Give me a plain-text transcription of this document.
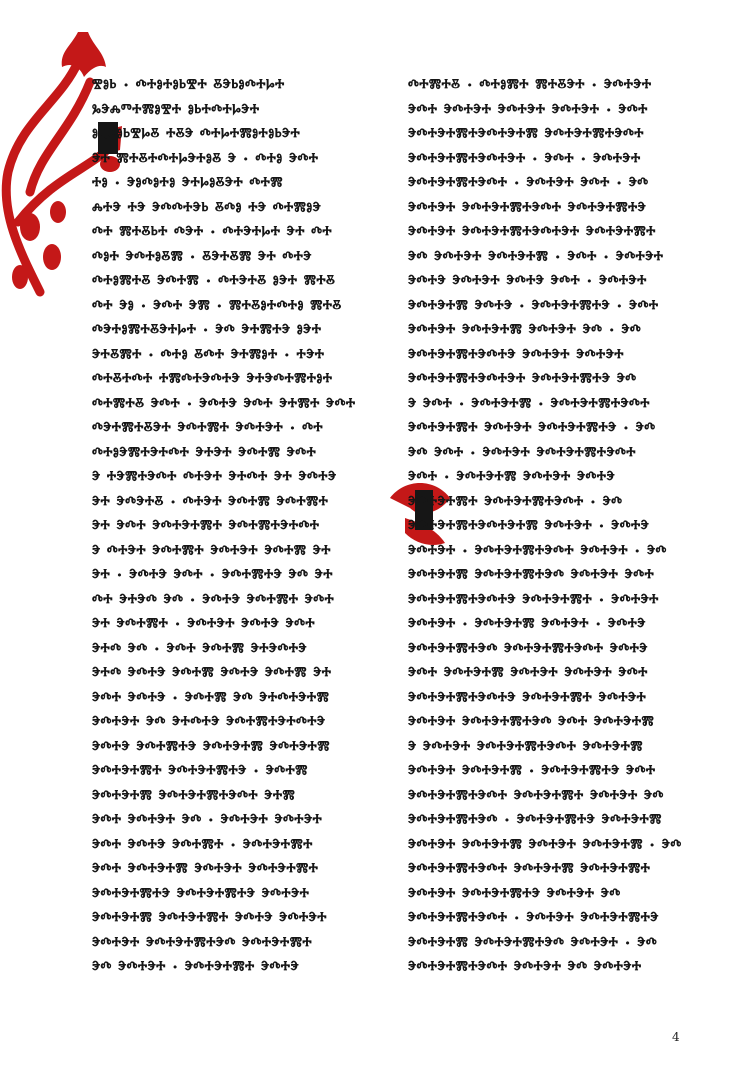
ⰺⱁⱃ · ⰴⰰⱁⰰⱁⱃⰺⰰ ⰻⰵⱃⱁⰴⰰⱈⰰ
ⰳⰵⰾⱅⰰⰿⱁⰺⰰ ⱁⱃⰰⰴⰰⱈⰵⰰ
ⱁⰱⰵⱁⱃⰺⱈⰻ ⰰⰻⰵ ⰴⰰⱈⰰⰿⱁⰰⱁⱃⰵⰰ
ⰵⰰ ⰿⰰⰻⰰⰴⰰⱈⰵⰰⱁⰻ ⰵ · ⰴⰰⱁ ⰵⰴⰰ
ⰰⱁ · ⰵⱁⰴⱁⰰⱁ ⰵⰰⱈⱁⰻⰵⰰ ⰴⰰⰿ
ⰾⰰⰵ ⰰⰵ ⰵⰴⰴⰰⰵⱃ ⰻⰴⱁ ⰰⰵ ⰴⰰⰿⱁⰵ
ⰴⰰ ⰿⰰⰻⱃⰰ ⰴⰵⰰ · ⰴⰰⰵⰰⱈⰰ ⰵⰰ ⰴⰰ
ⰴⱁⰰ ⰵⰴⰰⱁⰻⰿ · ⰻⰵⰰⰻⰿ ⰵⰰ ⰴⰰⰵ
ⰴⰰⱁⰿⰰⰻ ⰵⰴⰰⰿ · ⰴⰰⰵⰰⰻ ⱁⰵⰰ ⰿⰰⰻ
ⰴⰰ ⰵⱁ · ⰵⰴⰰ ⰵⰿ · ⰿⰰⰻⱁⰰⰴⰰⱁ ⰿⰰⰻ
ⰴⰵⰰⱁⰿⰰⰻⰵⰰⱈⰰ · ⰵⰴ ⰵⰰⰿⰰⰵ ⱁⰵⰰ
ⰵⰰⰻⰿⰰ · ⰴⰰⱁ ⰻⰴⰰ ⰵⰰⰿⱁⰰ · ⰰⰵⰰ
ⰴⰰⰻⰰⰴⰰ ⰰⰿⰴⰰⰵⰴⰰⰵ ⰵⰰⰵⰴⰰⰿⰰⱁⰰ
ⰴⰰⰿⰰⰻ ⰵⰴⰰ · ⰵⰴⰰⰵ ⰵⰴⰰ ⰵⰰⰿⰰ ⰵⰴⰰ
ⰴⰵⰰⰿⰰⰻⰵⰰ ⰵⰴⰰⰿⰰ ⰵⰴⰰⰵⰰ · ⰴⰰ
ⰴⰰⱁⰵⰿⰰⰵⰰⰴⰰ ⰵⰰⰵⰰ ⰵⰴⰰⰿ ⰵⰴⰰ
ⰵ ⰰⰵⰿⰰⰵⰴⰰ ⰴⰰⰵⰰ ⰵⰰⰴⰰ ⰵⰰ ⰵⰴⰰⰵ
ⰵⰰ ⰵⰴⰵⰰⰻ · ⰴⰰⰵⰰ ⰵⰴⰰⰿ ⰵⰴⰰⰿⰰ
ⰵⰰ ⰵⰴⰰ ⰵⰴⰰⰵⰰⰿⰰ ⰵⰴⰰⰿⰰⰵⰰⰴⰰ
ⰵ ⰴⰰⰵⰰ ⰵⰴⰰⰿⰰ ⰵⰴⰰⰵⰰ ⰵⰴⰰⰿ ⰵⰰ
ⰵⰰ · ⰵⰴⰰⰵ ⰵⰴⰰ · ⰵⰴⰰⰿⰰⰵ ⰵⰴ ⰵⰰ
ⰴⰰ ⰵⰰⰵⰴ ⰵⰴ · ⰵⰴⰰⰵ ⰵⰴⰰⰿⰰ ⰵⰴⰰ
ⰵⰰ ⰵⰴⰰⰿⰰ · ⰵⰴⰰⰵⰰ ⰵⰴⰰⰵ ⰵⰴⰰ
ⰵⰰⰴ ⰵⰴ · ⰵⰴⰰ ⰵⰴⰰⰿ ⰵⰰⰵⰴⰰⰵ
ⰵⰰⰴ ⰵⰴⰰⰵ ⰵⰴⰰⰿ ⰵⰴⰰⰵ ⰵⰴⰰⰿ ⰵⰰ
ⰵⰴⰰ ⰵⰴⰰⰵ · ⰵⰴⰰⰿ ⰵⰴ ⰵⰰⰴⰰⰵⰰⰿ
ⰵⰴⰰⰵⰰ ⰵⰴ ⰵⰰⰴⰰⰵ ⰵⰴⰰⰿⰰⰵⰰⰴⰰⰵ
ⰵⰴⰰⰵ ⰵⰴⰰⰿⰰⰵ ⰵⰴⰰⰵⰰⰿ ⰵⰴⰰⰵⰰⰿ
ⰵⰴⰰⰵⰰⰿⰰ ⰵⰴⰰⰵⰰⰿⰰⰵ · ⰵⰴⰰⰿ
ⰵⰴⰰⰵⰰⰿ ⰵⰴⰰⰵⰰⰿⰰⰵⰴⰰ ⰵⰰⰿ
ⰵⰴⰰ ⰵⰴⰰⰵⰰ ⰵⰴ · ⰵⰴⰰⰵⰰ ⰵⰴⰰⰵⰰ
ⰵⰴⰰ ⰵⰴⰰⰵ ⰵⰴⰰⰿⰰ · ⰵⰴⰰⰵⰰⰿⰰ
ⰵⰴⰰ ⰵⰴⰰⰵⰰⰿ ⰵⰴⰰⰵⰰ ⰵⰴⰰⰵⰰⰿⰰ
ⰵⰴⰰⰵⰰⰿⰰⰵ ⰵⰴⰰⰵⰰⰿⰰⰵ ⰵⰴⰰⰵⰰ
ⰵⰴⰰⰵⰰⰿ ⰵⰴⰰⰵⰰⰿⰰ ⰵⰴⰰⰵ ⰵⰴⰰⰵⰰ
ⰵⰴⰰⰵⰰ ⰵⰴⰰⰵⰰⰿⰰⰵⰴ ⰵⰴⰰⰵⰰⰿⰰ
ⰵⰴ ⰵⰴⰰⰵⰰ · ⰵⰴⰰⰵⰰⰿⰰ ⰵⰴⰰⰵ
ⰴⰰⰿⰰⰻ · ⰴⰰⱁⰿⰰ ⰿⰰⰻⰵⰰ · ⰵⰴⰰⰵⰰ
ⰵⰴⰰ ⰵⰴⰰⰵⰰ ⰵⰴⰰⰵⰰ ⰵⰴⰰⰵⰰ · ⰵⰴⰰ
ⰵⰴⰰⰵⰰⰿⰰⰵⰴⰰⰵⰰⰿ ⰵⰴⰰⰵⰰⰿⰰⰵⰴⰰ
ⰵⰴⰰⰵⰰⰿⰰⰵⰴⰰⰵⰰ · ⰵⰴⰰ · ⰵⰴⰰⰵⰰ
ⰵⰴⰰⰵⰰⰿⰰⰵⰴⰰ · ⰵⰴⰰⰵⰰ ⰵⰴⰰ · ⰵⰴ
ⰵⰴⰰⰵⰰ ⰵⰴⰰⰵⰰⰿⰰⰵⰴⰰ ⰵⰴⰰⰵⰰⰿⰰⰵ
ⰵⰴⰰⰵⰰ ⰵⰴⰰⰵⰰⰿⰰⰵⰴⰰⰵⰰ ⰵⰴⰰⰵⰰⰿⰰ
ⰵⰴ ⰵⰴⰰⰵⰰ ⰵⰴⰰⰵⰰⰿ · ⰵⰴⰰ · ⰵⰴⰰⰵⰰ
ⰵⰴⰰⰵ ⰵⰴⰰⰵⰰ ⰵⰴⰰⰵ ⰵⰴⰰ · ⰵⰴⰰⰵⰰ
ⰵⰴⰰⰵⰰⰿ ⰵⰴⰰⰵ · ⰵⰴⰰⰵⰰⰿⰰⰵ · ⰵⰴⰰ
ⰵⰴⰰⰵⰰ ⰵⰴⰰⰵⰰⰿ ⰵⰴⰰⰵⰰ ⰵⰴ · ⰵⰴ
ⰵⰴⰰⰵⰰⰿⰰⰵⰴⰰⰵ ⰵⰴⰰⰵⰰ ⰵⰴⰰⰵⰰ
ⰵⰴⰰⰵⰰⰿⰰⰵⰴⰰⰵⰰ ⰵⰴⰰⰵⰰⰿⰰⰵ ⰵⰴ
ⰵ ⰵⰴⰰ · ⰵⰴⰰⰵⰰⰿ · ⰵⰴⰰⰵⰰⰿⰰⰵⰴⰰ
ⰵⰴⰰⰵⰰⰿⰰ ⰵⰴⰰⰵⰰ ⰵⰴⰰⰵⰰⰿⰰⰵ · ⰵⰴ
ⰵⰴ ⰵⰴⰰ · ⰵⰴⰰⰵⰰ ⰵⰴⰰⰵⰰⰿⰰⰵⰴⰰ
ⰵⰴⰰ · ⰵⰴⰰⰵⰰⰿ ⰵⰴⰰⰵⰰ ⰵⰴⰰⰵ
ⰵⰴⰰⰵⰰⰿⰰ ⰵⰴⰰⰵⰰⰿⰰⰵⰴⰰ · ⰵⰴ
ⰵⰴⰰⰵⰰⰿⰰⰵⰴⰰⰵⰰⰿ ⰵⰴⰰⰵⰰ · ⰵⰴⰰⰵ
ⰵⰴⰰⰵⰰ · ⰵⰴⰰⰵⰰⰿⰰⰵⰴⰰ ⰵⰴⰰⰵⰰ · ⰵⰴ
ⰵⰴⰰⰵⰰⰿ ⰵⰴⰰⰵⰰⰿⰰⰵⰴ ⰵⰴⰰⰵⰰ ⰵⰴⰰ
ⰵⰴⰰⰵⰰⰿⰰⰵⰴⰰⰵ ⰵⰴⰰⰵⰰⰿⰰ · ⰵⰴⰰⰵⰰ
ⰵⰴⰰⰵⰰ · ⰵⰴⰰⰵⰰⰿ ⰵⰴⰰⰵⰰ · ⰵⰴⰰⰵ
ⰵⰴⰰⰵⰰⰿⰰⰵⰴ ⰵⰴⰰⰵⰰⰿⰰⰵⰴⰰ ⰵⰴⰰⰵ
ⰵⰴⰰ ⰵⰴⰰⰵⰰⰿ ⰵⰴⰰⰵⰰ ⰵⰴⰰⰵⰰ ⰵⰴⰰ
ⰵⰴⰰⰵⰰⰿⰰⰵⰴⰰⰵ ⰵⰴⰰⰵⰰⰿⰰ ⰵⰴⰰⰵⰰ
ⰵⰴⰰⰵⰰ ⰵⰴⰰⰵⰰⰿⰰⰵⰴ ⰵⰴⰰ ⰵⰴⰰⰵⰰⰿ
ⰵ ⰵⰴⰰⰵⰰ ⰵⰴⰰⰵⰰⰿⰰⰵⰴⰰ ⰵⰴⰰⰵⰰⰿ
ⰵⰴⰰⰵⰰ ⰵⰴⰰⰵⰰⰿ · ⰵⰴⰰⰵⰰⰿⰰⰵ ⰵⰴⰰ
ⰵⰴⰰⰵⰰⰿⰰⰵⰴⰰ ⰵⰴⰰⰵⰰⰿⰰ ⰵⰴⰰⰵⰰ ⰵⰴ
ⰵⰴⰰⰵⰰⰿⰰⰵⰴ · ⰵⰴⰰⰵⰰⰿⰰⰵ ⰵⰴⰰⰵⰰⰿ
ⰵⰴⰰⰵⰰ ⰵⰴⰰⰵⰰⰿ ⰵⰴⰰⰵⰰ ⰵⰴⰰⰵⰰⰿ · ⰵⰴ
ⰵⰴⰰⰵⰰⰿⰰⰵⰴⰰ ⰵⰴⰰⰵⰰⰿ ⰵⰴⰰⰵⰰⰿⰰ
ⰵⰴⰰⰵⰰ ⰵⰴⰰⰵⰰⰿⰰⰵ ⰵⰴⰰⰵⰰ ⰵⰴ
ⰵⰴⰰⰵⰰⰿⰰⰵⰴⰰ · ⰵⰴⰰⰵⰰ ⰵⰴⰰⰵⰰⰿⰰⰵ
ⰵⰴⰰⰵⰰⰿ ⰵⰴⰰⰵⰰⰿⰰⰵⰴ ⰵⰴⰰⰵⰰ · ⰵⰴ
ⰵⰴⰰⰵⰰⰿⰰⰵⰴⰰ ⰵⰴⰰⰵⰰ ⰵⰴ ⰵⰴⰰⰵⰰ
4
